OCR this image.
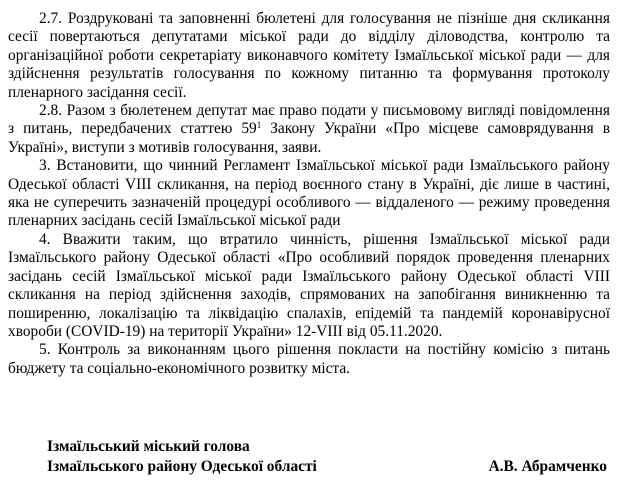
2.7. Роздруковані та заповненні бюлетені для голосування не пізніше дня скликання сесії повертаються депутатами міської ради до відділу діловодства, контролю та організаційної роботи секретаріату виконавчого комітету Ізмаїльської міської ради — для здійснення результатів голосування по кожному питанню та формування протоколу пленарного засідання сесії.

2.8. Разом з бюлетенем депутат має право подати у письмовому вигляді повідомлення з питань, передбачених статтею $59^1$ Закону України «Про місцеве самоврядування в Україні», виступи з мотивів голосування, заяви.

3. Встановити, що чинний Регламент Ізмаїльської міської ради Ізмаїльського району Одеської області VIII скликання, на період воєнного стану в Україні, діє лише в частині, яка не суперечить зазначеній процедурі особливого — віддаленого — режиму проведення пленарних засідань сесій Ізмаїльської міської ради

4. Вважити таким, що втратило чинність, рішення Ізмаїльської міської ради Ізмаїльського району Одеської області «Про особливий порядок проведення пленарних засідань сесій Ізмаїльської міської ради Ізмаїльського району Одеської області VIII скликання на період здійснення заходів, спрямованих на запобігання виникненню та поширенню, локалізацію та ліквідацію спалахів, епідемій та пандемій коронавірусної хвороби (COVID-19) на території України» 12-VIII від 05.11.2020.

5. Контроль за виконанням цього рішення покласти на постійну комісію з питань бюджету та соціально-економічного розвитку міста.

Ізмаїльський міський голова
Ізмаїльського району Одеської області	А.В. Абрамченко
